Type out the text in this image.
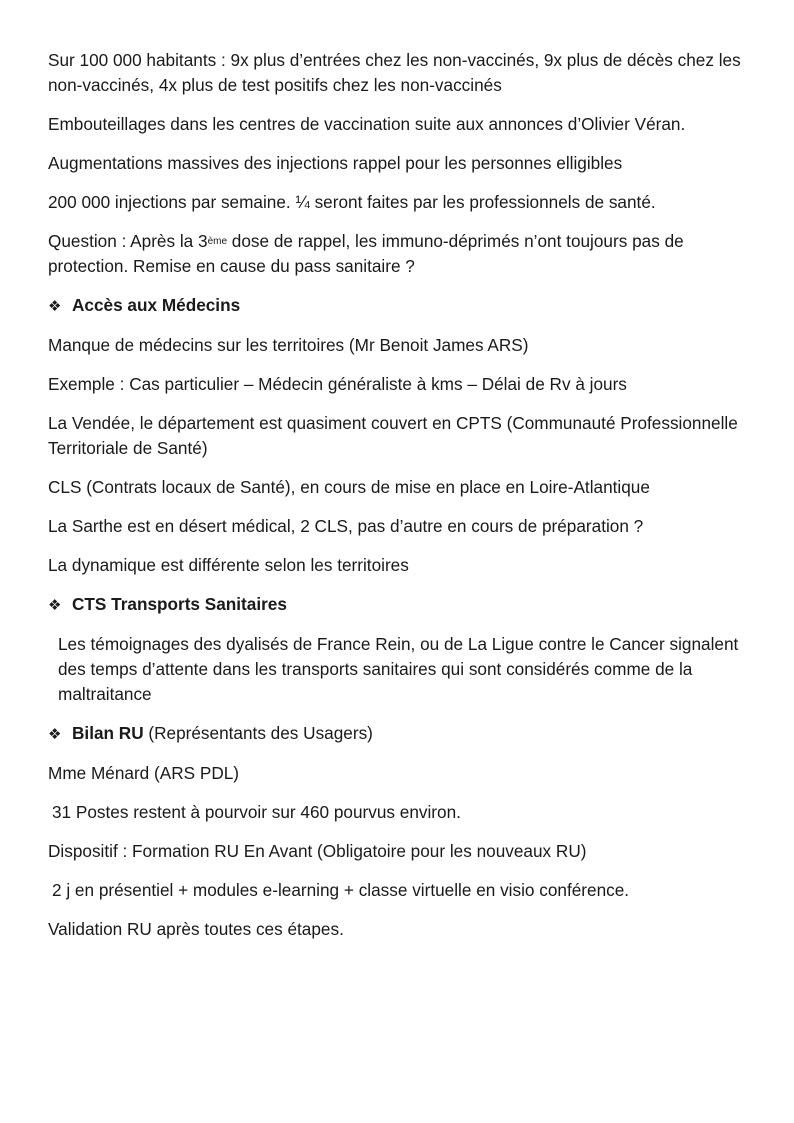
Sur 100 000 habitants : 9x plus d’entrées chez les non-vaccinés, 9x plus de décès chez les non-vaccinés, 4x plus de test positifs chez les non-vaccinés

Embouteillages dans les centres de vaccination suite aux annonces d’Olivier Véran.

Augmentations massives des injections rappel pour les personnes elligibles

200 000 injections par semaine. ¼ seront faites par les professionnels de santé.

Question : Après la 3ème dose de rappel, les immuno-déprimés n’ont toujours pas de protection. Remise en cause du pass sanitaire ?

❖ Accès aux Médecins

Manque de médecins sur les territoires (Mr Benoit James ARS)

Exemple : Cas particulier – Médecin généraliste à kms – Délai de Rv à jours

La Vendée, le département est quasiment couvert en CPTS (Communauté Professionnelle Territoriale de Santé)

CLS (Contrats locaux de Santé), en cours de mise en place en Loire-Atlantique

La Sarthe est en désert médical, 2 CLS, pas d’autre en cours de préparation ?

La dynamique est différente selon les territoires

❖ CTS Transports Sanitaires

Les témoignages des dyalisés de France Rein, ou de La Ligue contre le Cancer signalent des temps d’attente dans les transports sanitaires qui sont considérés comme de la maltraitance

❖ Bilan RU (Représentants des Usagers)

Mme Ménard (ARS PDL)

31 Postes restent à pourvoir sur 460 pourvus environ.

Dispositif : Formation RU En Avant (Obligatoire pour les nouveaux RU)

2 j en présentiel + modules e-learning + classe virtuelle en visio conférence.

Validation RU après toutes ces étapes.
